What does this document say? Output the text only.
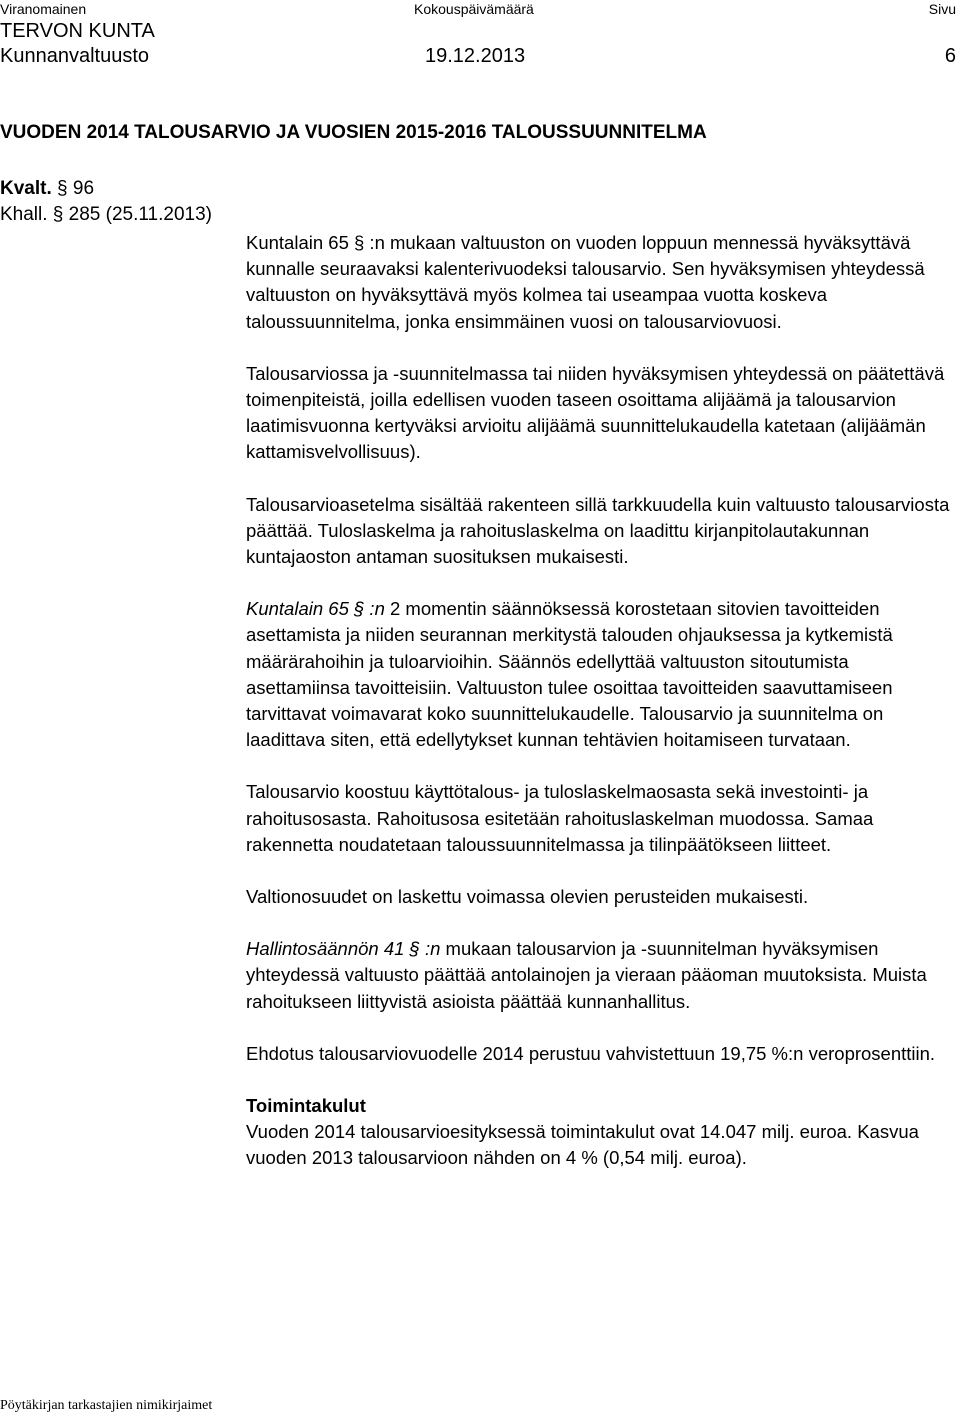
Viranomainen	Kokouspäivämäärä	Sivu
TERVON KUNTA
Kunnanvaltuusto	19.12.2013	6
VUODEN 2014 TALOUSARVIO JA VUOSIEN 2015-2016 TALOUSSUUNNITELMA
Kvalt. § 96
Khall. § 285 (25.11.2013)

Kuntalain 65 § :n mukaan valtuuston on vuoden loppuun mennessä hyväksyttävä kunnalle seuraavaksi kalenterivuodeksi talousarvio. Sen hyväksymisen yhteydessä valtuuston on hyväksyttävä myös kolmea tai useampaa vuotta koskeva taloussuunnitelma, jonka ensimmäinen vuosi on talousarviovuosi.

Talousarviossa ja -suunnitelmassa tai niiden hyväksymisen yhteydessä on päätettävä toimenpiteistä, joilla edellisen vuoden taseen osoittama alijäämä ja talousarvion laatimisvuonna kertyväksi arvioitu alijäämä suunnittelukaudella katetaan (alijäämän kattamisvelvollisuus).

Talousarvioasetelma sisältää rakenteen sillä tarkkuudella kuin valtuusto talousarviosta päättää. Tuloslaskelma ja rahoituslaskelma on laadittu kirjanpitolautakunnan kuntajaoston antaman suosituksen mukaisesti.

Kuntalain 65 § :n 2 momentin säännöksessä korostetaan sitovien tavoitteiden asettamista ja niiden seurannan merkitystä talouden ohjauksessa ja kytkemistä määrärahoihin ja tuloarvioihin. Säännös edellyttää valtuuston sitoutumista asettamiinsa tavoitteisiin. Valtuuston tulee osoittaa tavoitteiden saavuttamiseen tarvittavat voimavarat koko suunnittelukaudelle. Talousarvio ja suunnitelma on laadittava siten, että edellytykset kunnan tehtävien hoitamiseen turvataan.

Talousarvio koostuu käyttötalous- ja tuloslaskelmaosasta sekä investointi- ja rahoitusosasta. Rahoitusosa esitetään rahoituslaskelman muodossa. Samaa rakennetta noudatetaan taloussuunnitelmassa ja tilinpäätökseen liitteet.

Valtionosuudet on laskettu voimassa olevien perusteiden mukaisesti.

Hallintosäännön 41 § :n mukaan talousarvion ja -suunnitelman hyväksymisen yhteydessä valtuusto päättää antolainojen ja vieraan pääoman muutoksista. Muista rahoitukseen liittyvistä asioista päättää kunnanhallitus.

Ehdotus talousarviovuodelle 2014 perustuu vahvistettuun 19,75 %:n veroprosenttiin.

Toimintakulut

Vuoden 2014 talousarvioesityksessä toimintakulut ovat 14.047 milj. euroa. Kasvua vuoden 2013 talousarvioon nähden on 4 % (0,54 milj. euroa).

Pöytäkirjan tarkastajien nimikirjaimet
